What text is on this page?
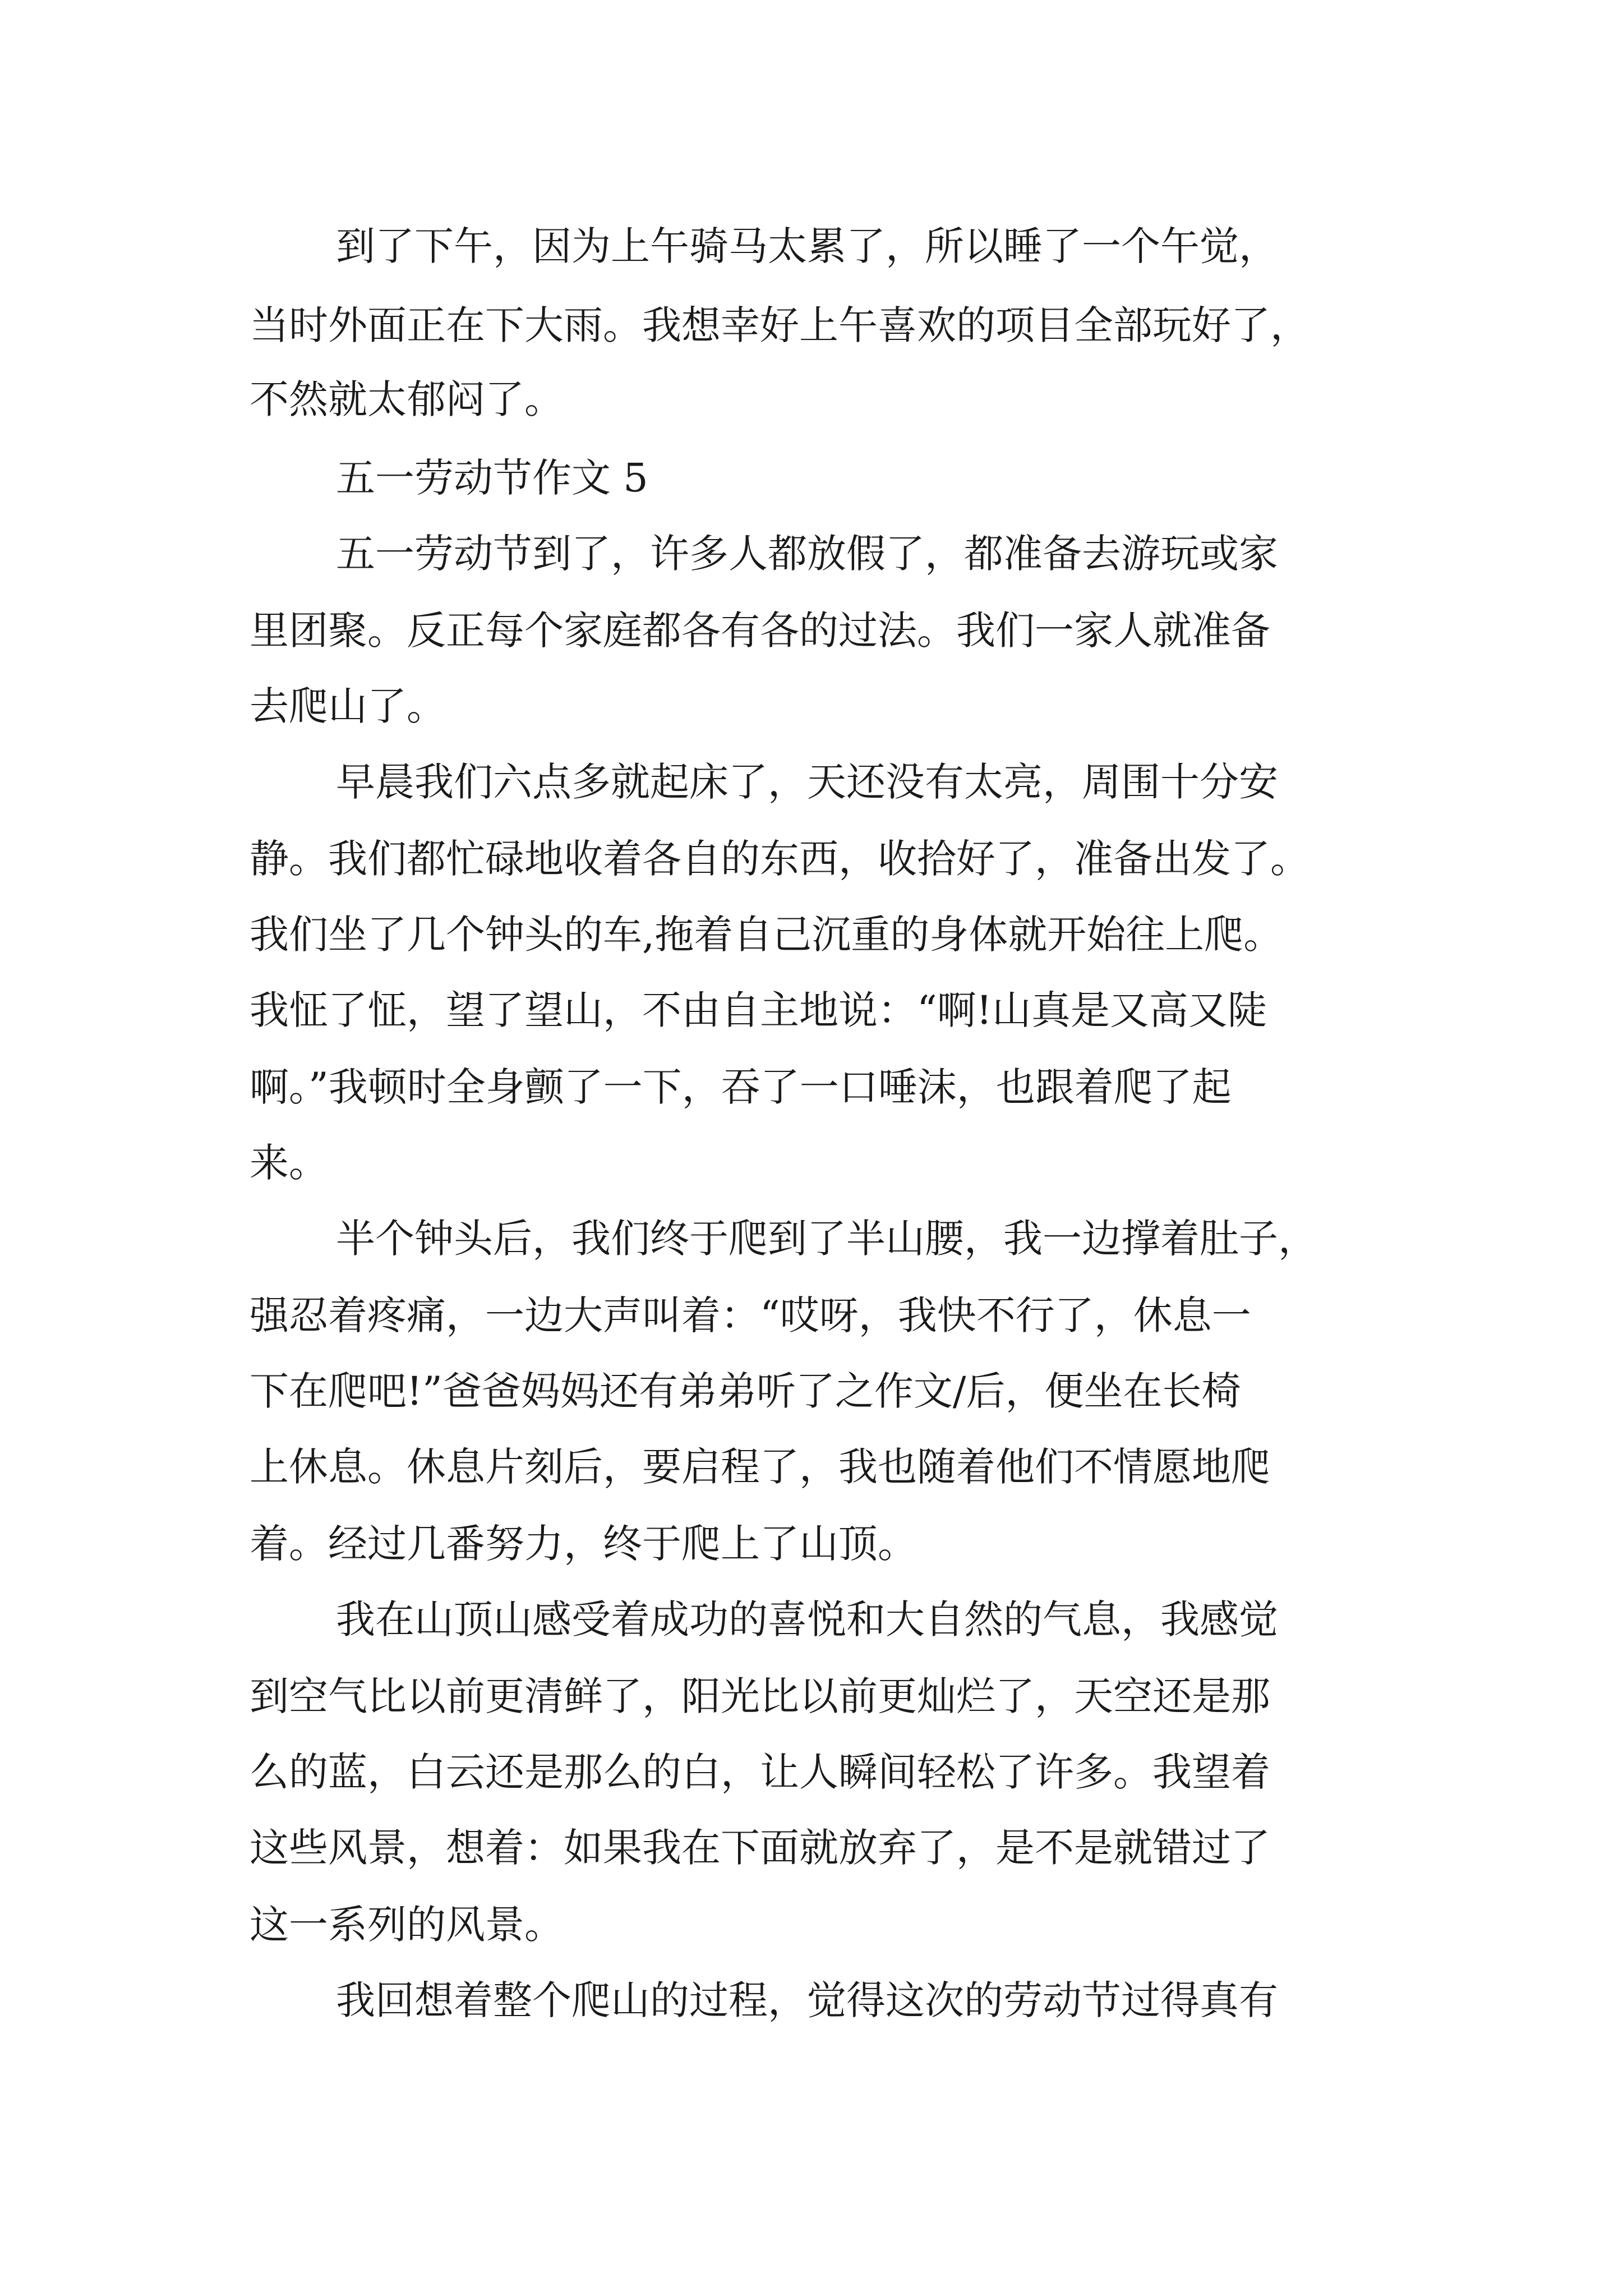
到了下午，因为上午骑马太累了，所以睡了一个午觉，

当时外面正在下大雨。我想幸好上午喜欢的项目全部玩好了，

不然就太郁闷了。

五一劳动节作文 5

五一劳动节到了，许多人都放假了，都准备去游玩或家

里团聚。反正每个家庭都各有各的过法。我们一家人就准备

去爬山了。

早晨我们六点多就起床了，天还没有太亮，周围十分安

静。我们都忙碌地收着各自的东西，收拾好了，准备出发了。

我们坐了几个钟头的车,拖着自己沉重的身体就开始往上爬。

我怔了怔，望了望山，不由自主地说：“啊!山真是又高又陡

啊。”我顿时全身颤了一下，吞了一口唾沫，也跟着爬了起

来。

半个钟头后，我们终于爬到了半山腰，我一边撑着肚子，

强忍着疼痛，一边大声叫着：“哎呀，我快不行了，休息一

下在爬吧!”爸爸妈妈还有弟弟听了之作文/后，便坐在长椅

上休息。休息片刻后，要启程了，我也随着他们不情愿地爬

着。经过几番努力，终于爬上了山顶。

我在山顶山感受着成功的喜悦和大自然的气息，我感觉

到空气比以前更清鲜了，阳光比以前更灿烂了，天空还是那

么的蓝，白云还是那么的白，让人瞬间轻松了许多。我望着

这些风景，想着：如果我在下面就放弃了，是不是就错过了

这一系列的风景。

我回想着整个爬山的过程，觉得这次的劳动节过得真有
